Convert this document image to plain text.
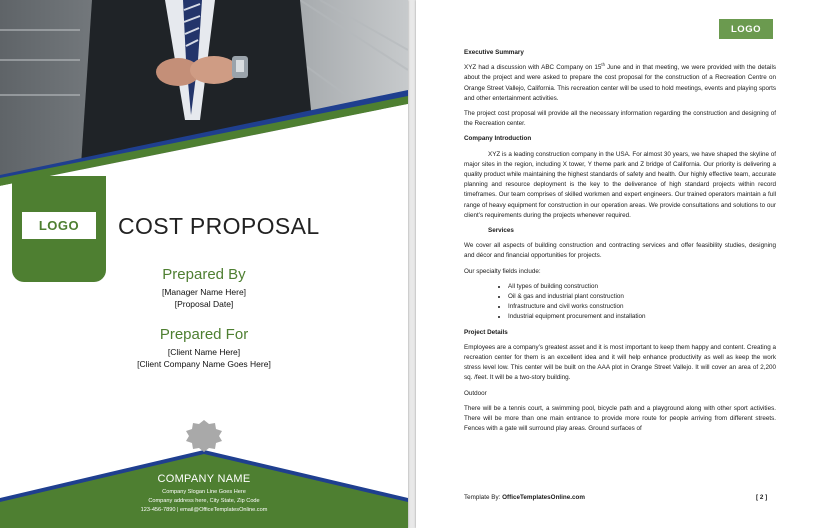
LOGO	COST PROPOSAL
Prepared By
[Manager Name Here]
[Proposal Date]
Prepared For
[Client Name Here]
[Client Company Name Goes Here]
COMPANY NAME
Company Slogan Line Goes Here
Company address here, City State, Zip Code
123-456-7890 | email@OfficeTemplatesOnline.com
LOGO
Executive Summary

XYZ had a discussion with ABC Company on 15th June and in that meeting, we were provided with the details about the project and were asked to prepare the cost proposal for the construction of a Recreation Centre on Orange Street Vallejo, California. This recreation center will be used to hold meetings, events and playing sports and other entertainment activities.

The project cost proposal will provide all the necessary information regarding the construction and designing of the Recreation center.

Company Introduction

XYZ is a leading construction company in the USA. For almost 30 years, we have shaped the skyline of major sites in the region, including X tower, Y theme park and Z bridge of California. Our priority is delivering a quality product while maintaining the highest standards of safety and health. Our highly effective team, accurate planning and resource deployment is the key to the deliverance of high standard projects within record timeframes. Our team comprises of skilled workmen and expert engineers. Our trained operators maintain a full range of heavy equipment for construction in our operation areas. We provide consultations and solutions to our client’s requirements during the projects whenever required.

Services

We cover all aspects of building construction and contracting services and offer feasibility studies, designing and décor and financial opportunities for projects.

Our specialty fields include:

• All types of building construction
• Oil & gas and industrial plant construction
• Infrastructure and civil works construction
• Industrial equipment procurement and installation
Project Details

Employees are a company’s greatest asset and it is most important to keep them happy and content. Creating a recreation center for them is an excellent idea and it will help enhance productivity as well as keep the work stress level low. This center will be built on the AAA plot in Orange Street Vallejo. It will cover an area of 2,200 sq. /feet. It will be a two-story building.

Outdoor

There will be a tennis court, a swimming pool, bicycle path and a playground along with other sport activities. There will be more than one main entrance to provide more route for people arriving from different streets. Fences with a gate will surround play areas. Ground surfaces of

Template By: OfficeTemplatesOnline.com	[ 2 ]
